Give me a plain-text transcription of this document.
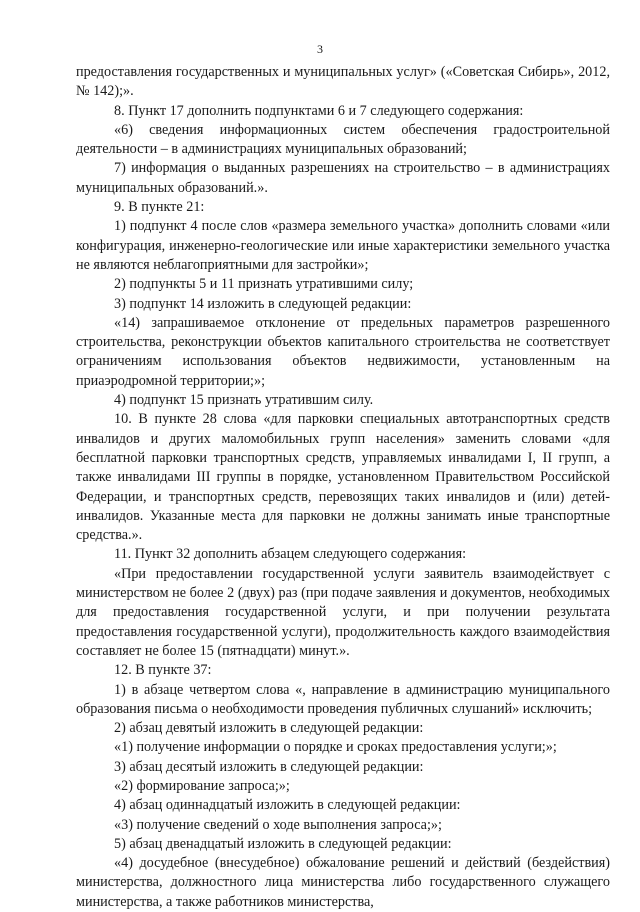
3

предоставления государственных и муниципальных услуг» («Советская Сибирь», 2012, № 142);».

8. Пункт 17 дополнить подпунктами 6 и 7 следующего содержания:

«6) сведения информационных систем обеспечения градостроительной деятельности – в администрациях муниципальных образований;

7) информация о выданных разрешениях на строительство – в администрациях муниципальных образований.».

9. В пункте 21:

1) подпункт 4 после слов «размера земельного участка» дополнить словами «или конфигурация, инженерно-геологические или иные характеристики земельного участка не являются неблагоприятными для застройки»;

2) подпункты 5 и 11 признать утратившими силу;

3) подпункт 14 изложить в следующей редакции:

«14) запрашиваемое отклонение от предельных параметров разрешенного строительства, реконструкции объектов капитального строительства не соответствует ограничениям использования объектов недвижимости, установленным на приаэродромной территории;»;

4) подпункт 15 признать утратившим силу.

10. В пункте 28 слова «для парковки специальных автотранспортных средств инвалидов и других маломобильных групп населения» заменить словами «для бесплатной парковки транспортных средств, управляемых инвалидами I, II групп, а также инвалидами III группы в порядке, установленном Правительством Российской Федерации, и транспортных средств, перевозящих таких инвалидов и (или) детей-инвалидов. Указанные места для парковки не должны занимать иные транспортные средства.».

11. Пункт 32 дополнить абзацем следующего содержания:

«При предоставлении государственной услуги заявитель взаимодействует с министерством не более 2 (двух) раз (при подаче заявления и документов, необходимых для предоставления государственной услуги, и при получении результата предоставления государственной услуги), продолжительность каждого взаимодействия составляет не более 15 (пятнадцати) минут.».

12. В пункте 37:

1) в абзаце четвертом слова «, направление в администрацию муниципального образования письма о необходимости проведения публичных слушаний» исключить;

2) абзац девятый изложить в следующей редакции:

«1) получение информации о порядке и сроках предоставления услуги;»;

3) абзац десятый изложить в следующей редакции:

«2) формирование запроса;»;

4) абзац одиннадцатый изложить в следующей редакции:

«3) получение сведений о ходе выполнения запроса;»;

5) абзац двенадцатый изложить в следующей редакции:

«4) досудебное (внесудебное) обжалование решений и действий (бездействия) министерства, должностного лица министерства либо государственного служащего министерства, а также работников министерства,
